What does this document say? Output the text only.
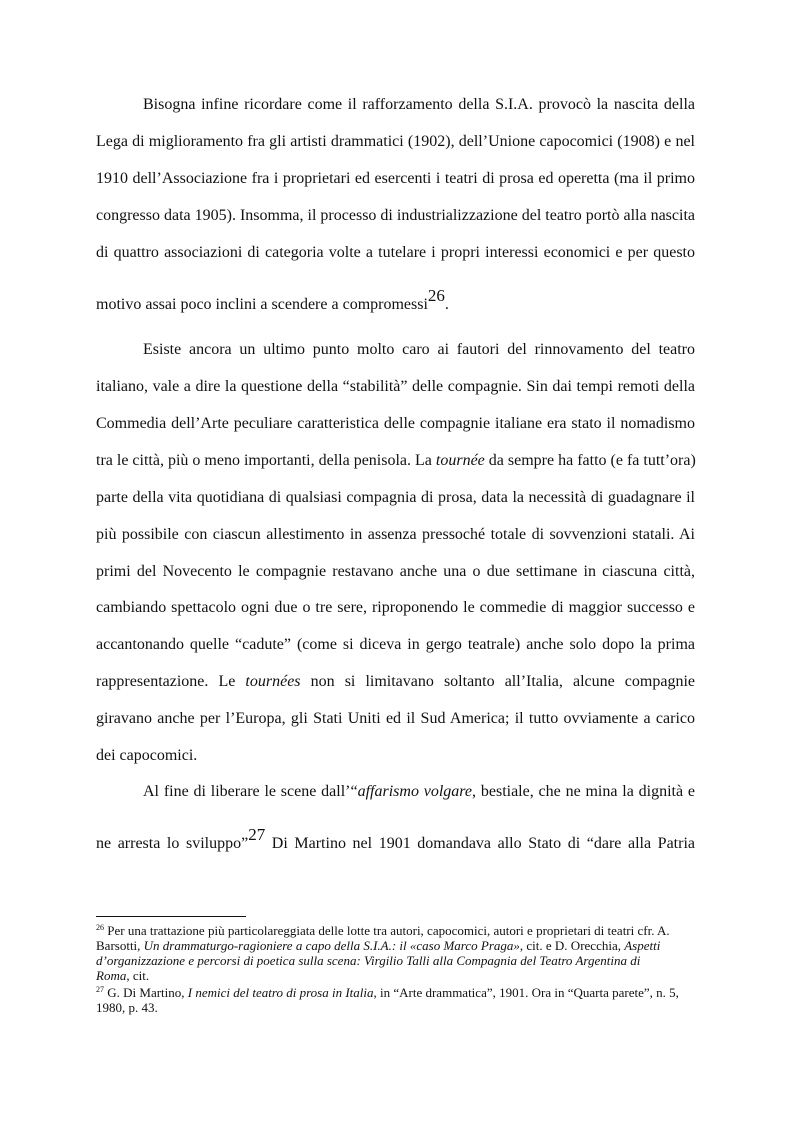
Bisogna infine ricordare come il rafforzamento della S.I.A. provocò la nascita della
Lega di miglioramento fra gli artisti drammatici (1902), dell’Unione capocomici (1908) e nel
1910 dell’Associazione fra i proprietari ed esercenti i teatri di prosa ed operetta (ma il primo
congresso data 1905). Insomma, il processo di industrializzazione del teatro portò alla nascita
di quattro associazioni di categoria volte a tutelare i propri interessi economici e per questo
motivo assai poco inclini a scendere a compromessi26.
Esiste ancora un ultimo punto molto caro ai fautori del rinnovamento del teatro
italiano, vale a dire la questione della “stabilità” delle compagnie. Sin dai tempi remoti della
Commedia dell’Arte peculiare caratteristica delle compagnie italiane era stato il nomadismo
tra le città, più o meno importanti, della penisola. La tournée da sempre ha fatto (e fa tutt’ora)
parte della vita quotidiana di qualsiasi compagnia di prosa, data la necessità di guadagnare il
più possibile con ciascun allestimento in assenza pressoché totale di sovvenzioni statali. Ai
primi del Novecento le compagnie restavano anche una o due settimane in ciascuna città,
cambiando spettacolo ogni due o tre sere, riproponendo le commedie di maggior successo e
accantonando quelle “cadute” (come si diceva in gergo teatrale) anche solo dopo la prima
rappresentazione. Le tournées non si limitavano soltanto all’Italia, alcune compagnie
giravano anche per l’Europa, gli Stati Uniti ed il Sud America; il tutto ovviamente a carico
dei capocomici.
Al fine di liberare le scene dall’“affarismo volgare, bestiale, che ne mina la dignità e
ne arresta lo sviluppo”27 Di Martino nel 1901 domandava allo Stato di “dare alla Patria
$^{26}$ Per una trattazione più particolareggiata delle lotte tra autori, capocomici, autori e proprietari di teatri cfr. A.
Barsotti, Un drammaturgo-ragioniere a capo della S.I.A.: il «caso Marco Praga», cit. e D. Orecchia, Aspetti
d’organizzazione e percorsi di poetica sulla scena: Virgilio Talli alla Compagnia del Teatro Argentina di
Roma, cit.
$^{27}$ G. Di Martino, I nemici del teatro di prosa in Italia, in “Arte drammatica”, 1901. Ora in “Quarta parete”, n. 5,
1980, p. 43.
